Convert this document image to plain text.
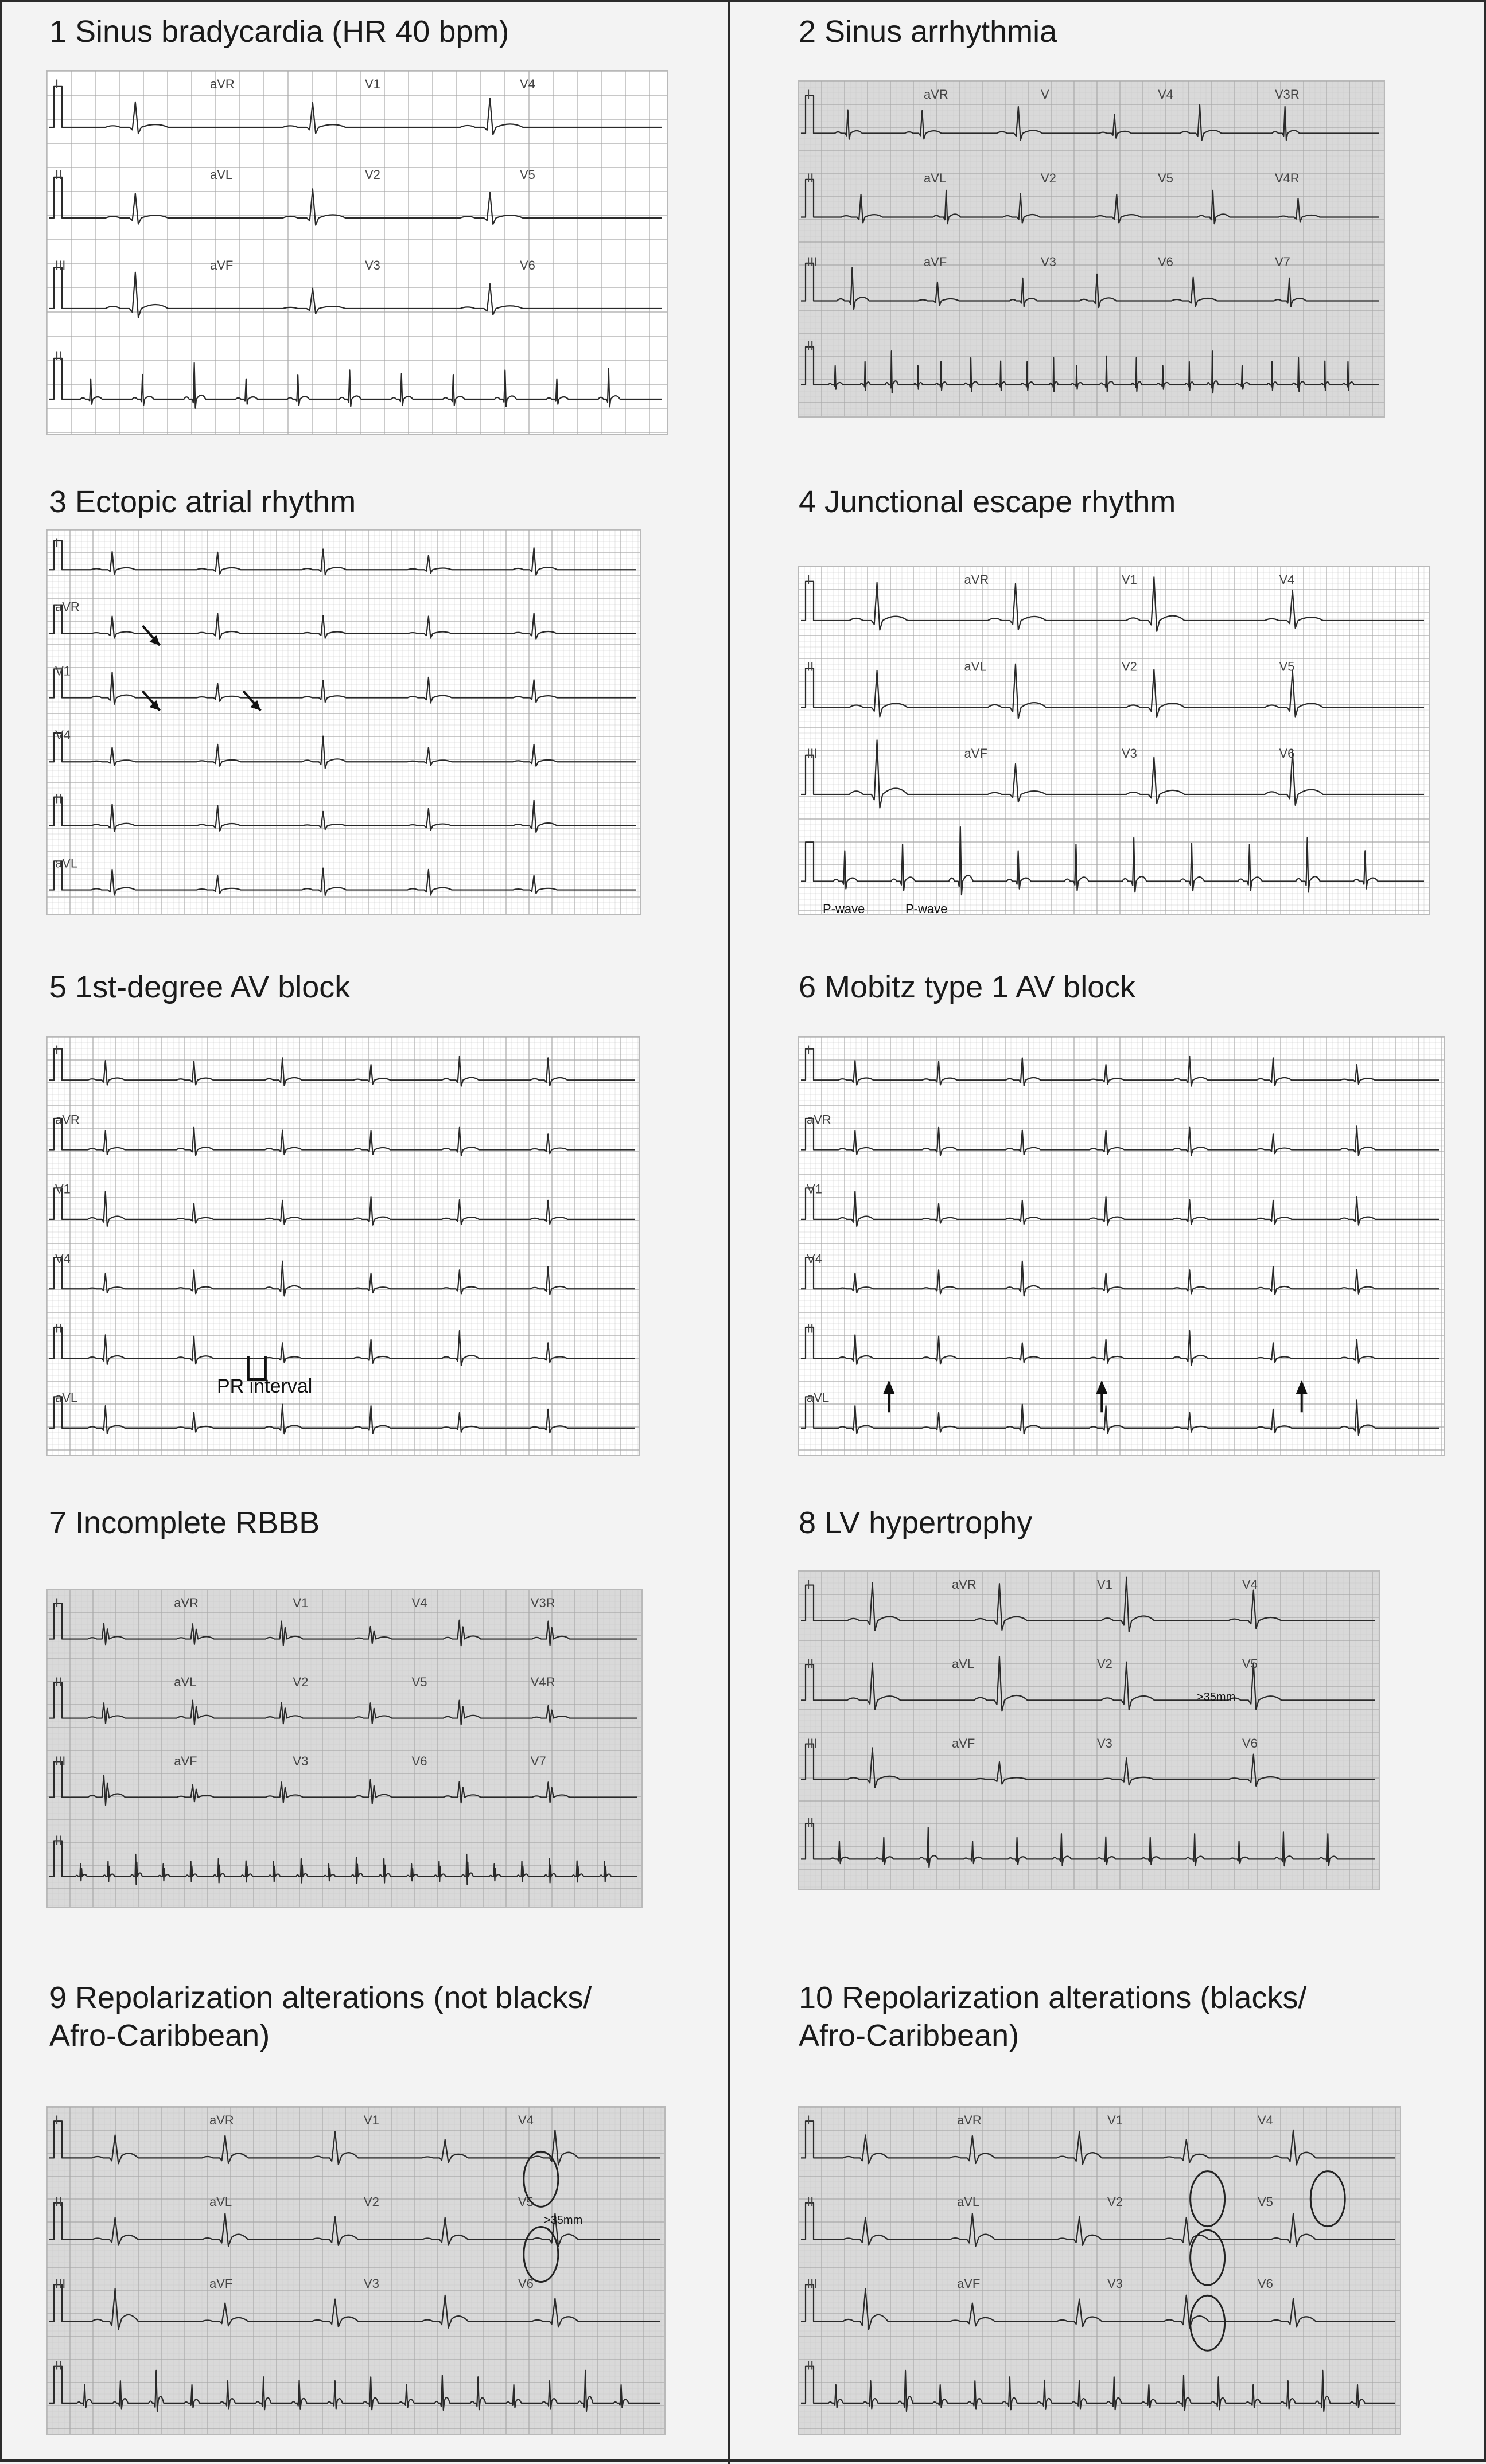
1 Sinus bradycardia (HR 40 bpm)
I	aVR	V1	V4
II	aVL	V2	V5
III	aVF	V3	V6
II
2 Sinus arrhythmia
I	aVR	V	V4	V3R
II	aVL	V2	V5	V4R
III	aVF	V3	V6	V7
II
3 Ectopic atrial rhythm
I
aVR
V1
V4
II
aVL
4 Junctional escape rhythm
I	aVR	V1	V4
II	aVL	V2	V5
III	aVF	V3	V6
5 1st-degree AV block
I
aVR
V1
V4
II
aVL
6 Mobitz type 1 AV block
I
aVR
V1
V4
II
aVL
7 Incomplete RBBB
I	aVR	V1	V4	V3R
II	aVL	V2	V5	V4R
III	aVF	V3	V6	V7
II
8 LV hypertrophy
I	aVR	V1	V4
II	aVL	V2	V5
III	aVF	V3	V6
II
9 Repolarization alterations (not blacks/
Afro-Caribbean)
I	aVR	V1	V4
II	aVL	V2	V5
III	aVF	V3	V6
II
10 Repolarization alterations (blacks/
Afro-Caribbean)
I	aVR	V1	V4
II	aVL	V2	V5
III	aVF	V3	V6
II
PR interval
P-wave	P-wave
>35mm
>35mm
